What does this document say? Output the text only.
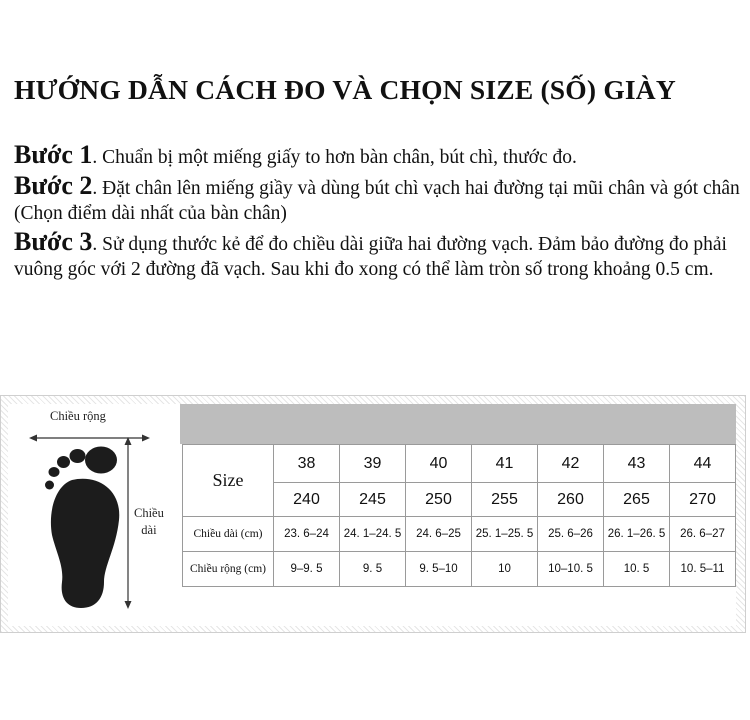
HƯỚNG DẪN CÁCH ĐO VÀ CHỌN SIZE (SỐ) GIÀY
Bước 1. Chuẩn bị một miếng giấy to hơn bàn chân, bút chì, thước đo.
Bước 2. Đặt chân lên miếng giầy và dùng bút chì vạch hai đường tại mũi chân và gót chân (Chọn điểm dài nhất của bàn chân)
Bước 3. Sử dụng thước kẻ để đo chiều dài giữa hai đường vạch. Đảm bảo đường đo phải vuông góc với 2 đường đã vạch. Sau khi đo xong có thể làm tròn số trong khoảng 0.5 cm.
Chiều rộng
Chiều
dài
Size	38	39	40	41	42	43	44
	240	245	250	255	260	265	270
Chiều dài (cm)	23. 6–24	24. 1–24. 5	24. 6–25	25. 1–25. 5	25. 6–26	26. 1–26. 5	26. 6–27
Chiều rộng (cm)	9–9. 5	9. 5	9. 5–10	10	10–10. 5	10. 5	10. 5–11
